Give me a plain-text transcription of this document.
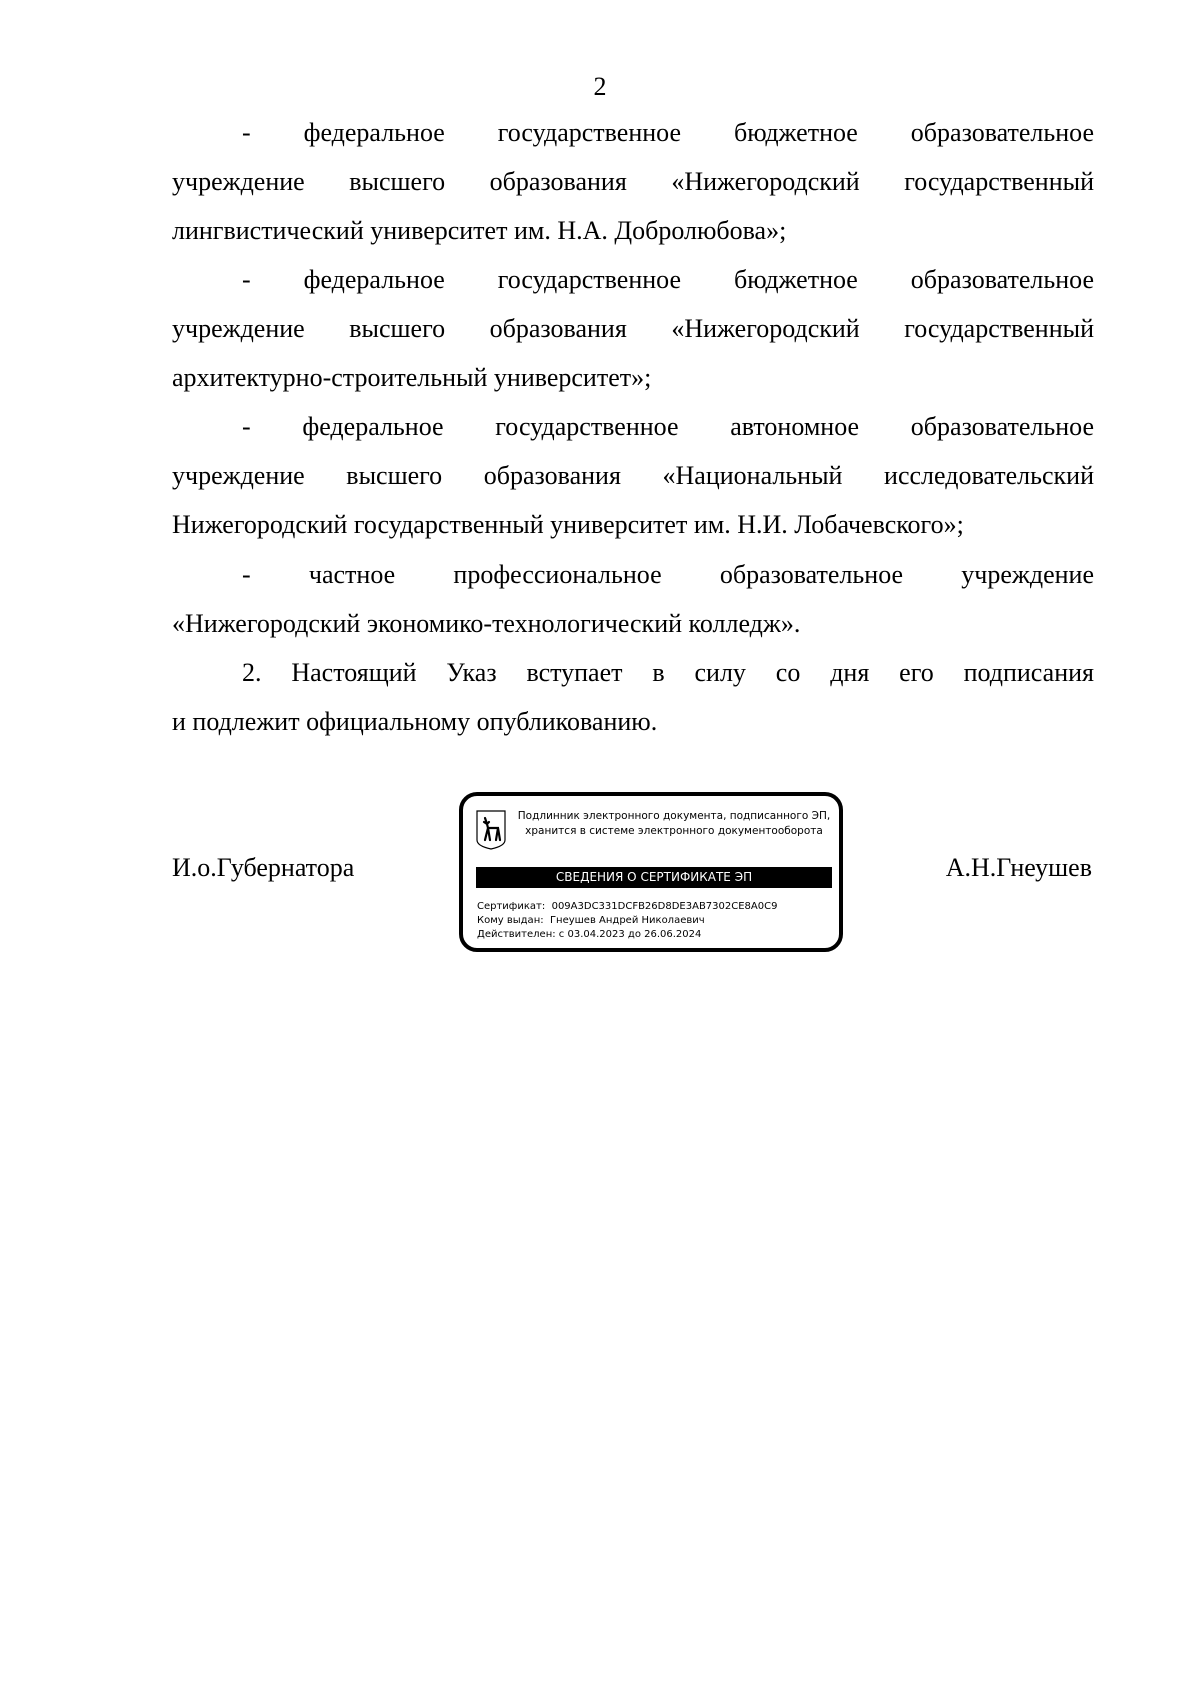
2
- федеральное государственное бюджетное образовательное
учреждение высшего образования «Нижегородский государственный
лингвистический университет им. Н.А. Добролюбова»;
- федеральное государственное бюджетное образовательное
учреждение высшего образования «Нижегородский государственный
архитектурно-строительный университет»;
- федеральное государственное автономное образовательное
учреждение высшего образования «Национальный исследовательский
Нижегородский государственный университет им. Н.И. Лобачевского»;
- частное профессиональное образовательное учреждение
«Нижегородский экономико-технологический колледж».
2. Настоящий Указ вступает в силу со дня его подписания
и подлежит официальному опубликованию.
И.о.Губернатора	А.Н.Гнеушев
Подлинник электронного документа, подписанного ЭП,
хранится в системе электронного документооборота
СВЕДЕНИЯ О СЕРТИФИКАТЕ ЭП
Сертификат:  009A3DC331DCFB26D8DE3AB7302CE8A0C9
Кому выдан:  Гнеушев Андрей Николаевич
Действителен: с 03.04.2023 до 26.06.2024
